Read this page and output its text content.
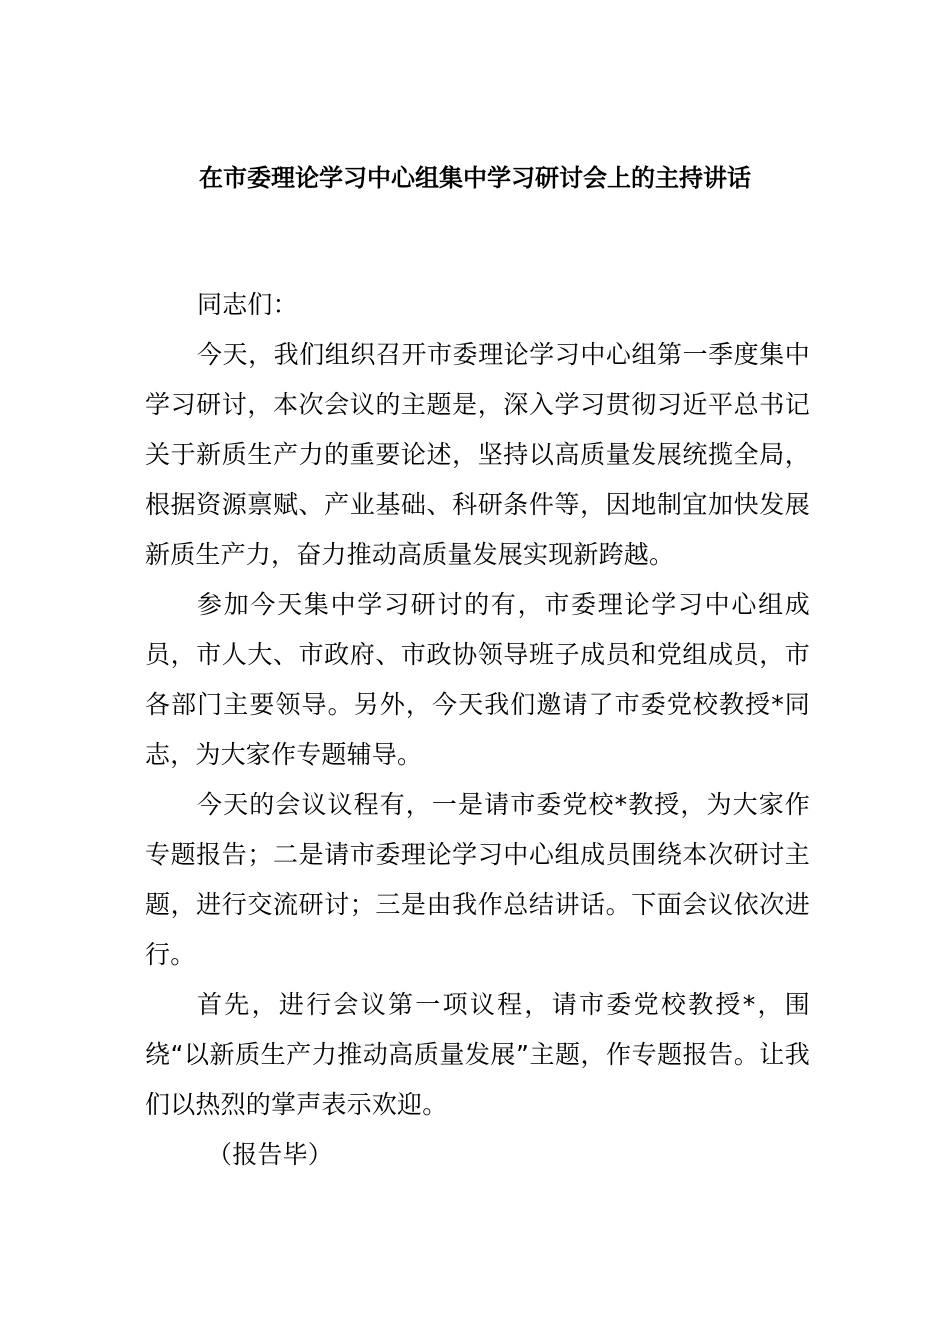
在市委理论学习中心组集中学习研讨会上的主持讲话

同志们：

今天，我们组织召开市委理论学习中心组第一季度集中学习研讨，本次会议的主题是，深入学习贯彻习近平总书记关于新质生产力的重要论述，坚持以高质量发展统揽全局，根据资源禀赋、产业基础、科研条件等，因地制宜加快发展新质生产力，奋力推动高质量发展实现新跨越。

参加今天集中学习研讨的有，市委理论学习中心组成员，市人大、市政府、市政协领导班子成员和党组成员，市各部门主要领导。另外，今天我们邀请了市委党校教授*同志，为大家作专题辅导。

今天的会议议程有，一是请市委党校*教授，为大家作专题报告；二是请市委理论学习中心组成员围绕本次研讨主题，进行交流研讨；三是由我作总结讲话。下面会议依次进行。

首先，进行会议第一项议程，请市委党校教授*，围绕“以新质生产力推动高质量发展”主题，作专题报告。让我们以热烈的掌声表示欢迎。

（报告毕）
